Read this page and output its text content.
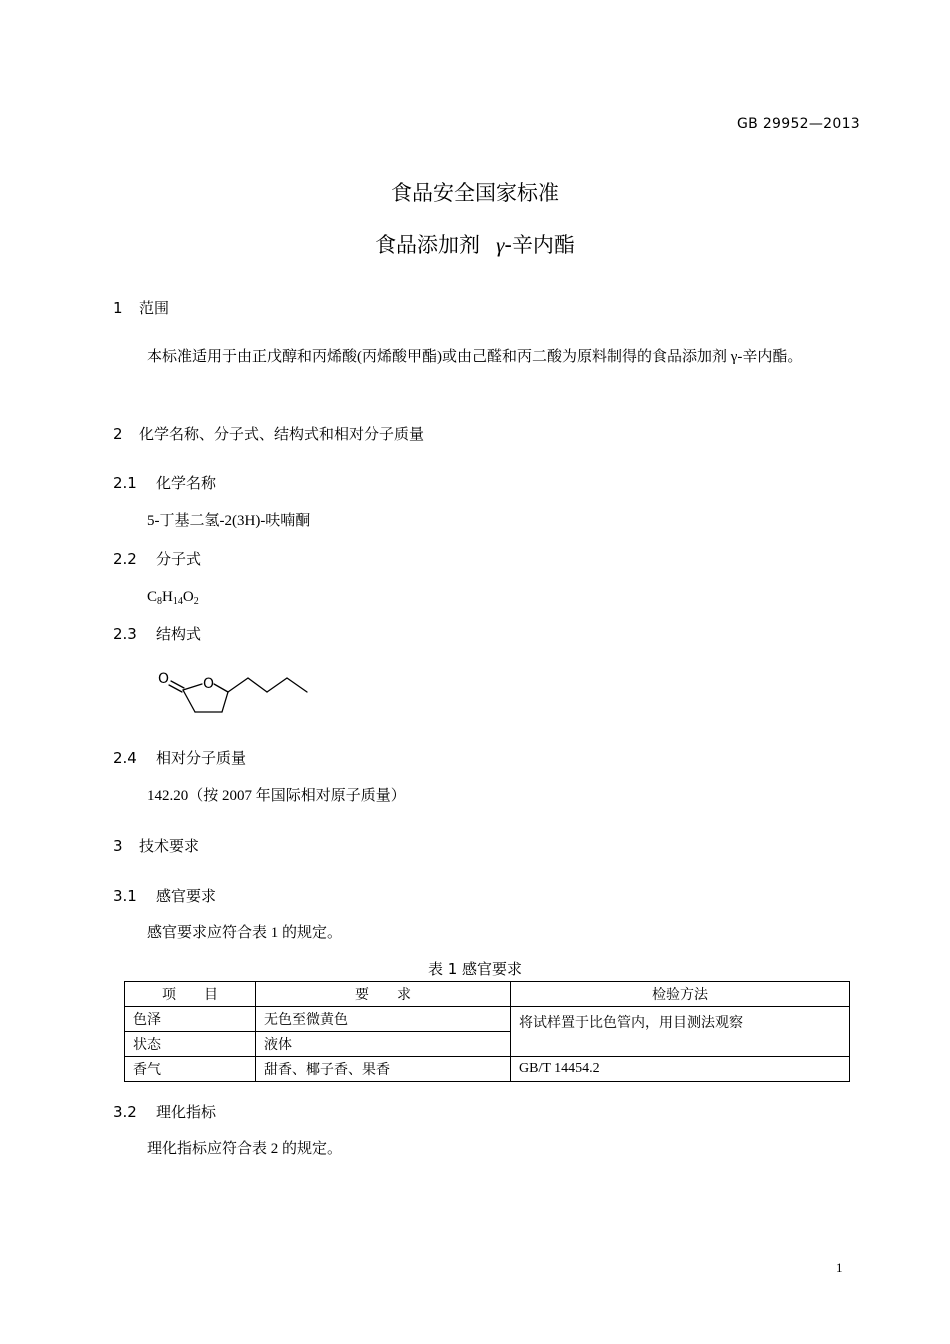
GB 29952—2013
食品安全国家标准
食品添加剂 γ-辛内酯
1 范围
本标准适用于由正戊醇和丙烯酸(丙烯酸甲酯)或由己醛和丙二酸为原料制得的食品添加剂 γ-辛内酯。
2 化学名称、分子式、结构式和相对分子质量
2.1 化学名称
5-丁基二氢-2(3H)-呋喃酮
2.2 分子式
$C_8H_{14}O_2$
2.3 结构式
O O
2.4 相对分子质量
142.20（按 2007 年国际相对原子质量）
3 技术要求
3.1 感官要求
感官要求应符合表 1 的规定。
表 1 感官要求
项　　目	要　　求	检验方法
色泽	无色至微黄色	将试样置于比色管内，用目测法观察
状态	液体	
香气	甜香、椰子香、果香	GB/T 14454.2
3.2 理化指标
理化指标应符合表 2 的规定。
1
